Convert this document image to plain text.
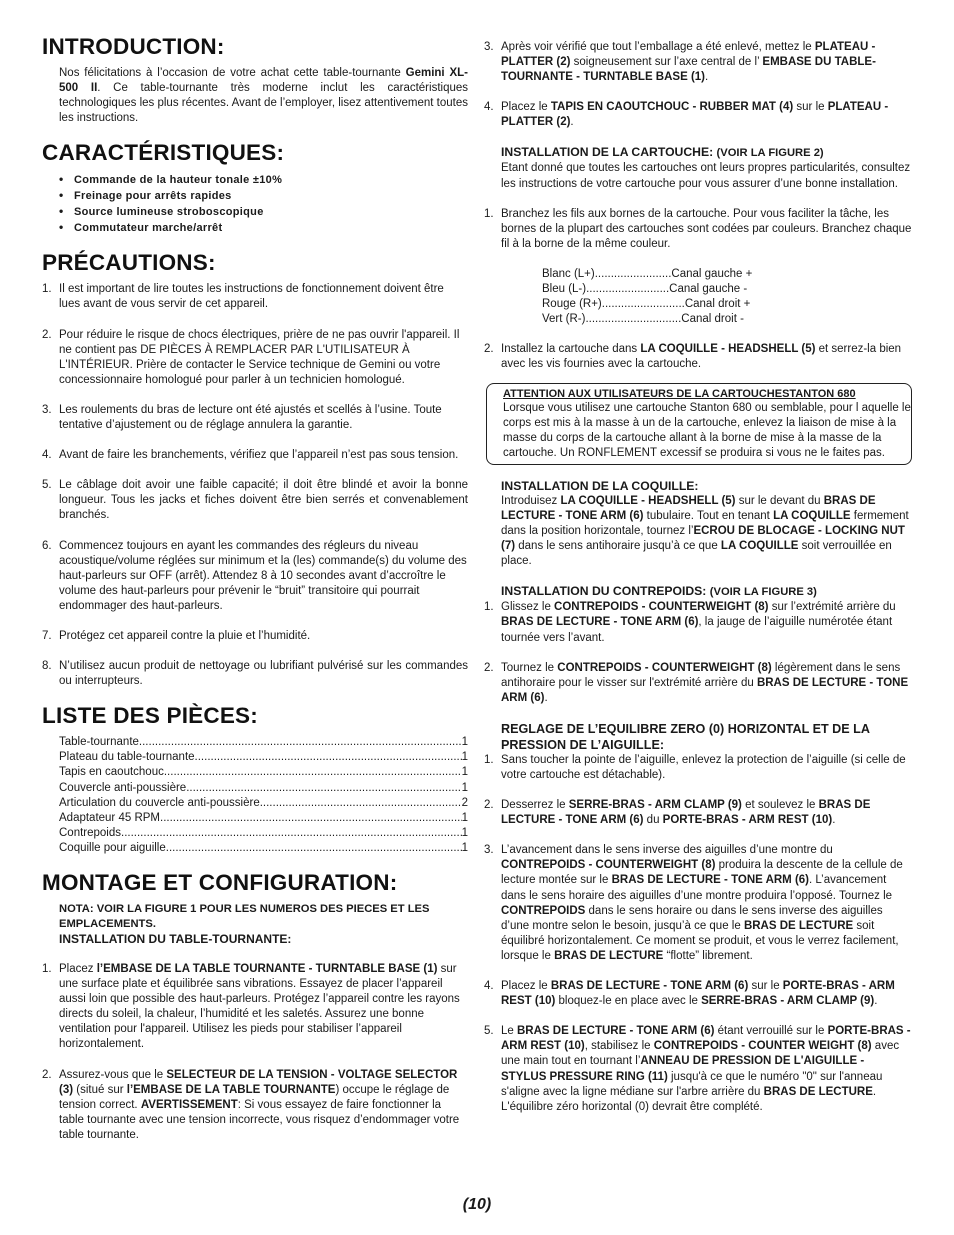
INTRODUCTION:

Nos félicitations à l’occasion de votre achat cette table-tournante Gemini XL-500 II. Ce table-tournante très moderne inclut les caractéristiques technologiques les plus récentes. Avant de l’employer, lisez attentivement toutes les instructions.

CARACTÉRISTIQUES:
• Commande de la hauteur tonale ±10%
• Freinage pour arrêts rapides
• Source lumineuse stroboscopique
• Commutateur marche/arrêt
PRÉCAUTIONS:
1. Il est important de lire toutes les instructions de fonctionnement doivent être lues avant de vous servir de cet appareil.
2. Pour réduire le risque de chocs électriques, prière de ne pas ouvrir l'appareil. Il ne contient pas DE PIÈCES À REMPLACER PAR L'UTILISATEUR À L'INTÉRIEUR. Prière de contacter le Service technique de Gemini ou votre concessionnaire homologué pour parler à un technicien homologué.
3. Les roulements du bras de lecture ont été ajustés et scellés à l’usine. Toute tentative d’ajustement ou de réglage annulera la garantie.
4. Avant de faire les branchements, vérifiez que l’appareil n’est pas sous tension.
5. Le câblage doit avoir une faible capacité; il doit être blindé et avoir la bonne longueur. Tous les jacks et fiches doivent être bien serrés et convenablement branchés.
6. Commencez toujours en ayant les commandes des régleurs du niveau acoustique/volume réglées sur minimum et la (les) commande(s) du volume des haut-parleurs sur OFF (arrêt). Attendez 8 à 10 secondes avant d’accroître le volume des haut-parleurs pour prévenir le “bruit” transitoire qui pourrait endommager des haut-parleurs.
7. Protégez cet appareil contre la pluie et l’humidité.
8. N’utilisez aucun produit de nettoyage ou lubrifiant pulvérisé sur les commandes ou interrupteurs.
LISTE DES PIÈCES:
Table-tournante .....	1
Plateau du table-tournante .....	1
Tapis en caoutchouc .....	1
Couvercle anti-poussière .....	1
Articulation du couvercle anti-poussière .....	2
Adaptateur 45 RPM .....	1
Contrepoids .....	1
Coquille pour aiguille .....	1
MONTAGE ET CONFIGURATION:

NOTA: VOIR LA FIGURE 1 POUR LES NUMEROS DES PIECES ET LES EMPLACEMENTS.

INSTALLATION DU TABLE-TOURNANTE:

1. Placez l’EMBASE DE LA TABLE TOURNANTE - TURNTABLE BASE (1) sur une surface plate et équilibrée sans vibrations. Essayez de placer l’appareil aussi loin que possible des haut-parleurs. Protégez l’appareil contre les rayons directs du soleil, la chaleur, l’humidité et les saletés. Assurez une bonne ventilation pour l'appareil. Utilisez les pieds pour stabiliser l’appareil horizontalement.
2. Assurez-vous que le SELECTEUR DE LA TENSION - VOLTAGE SELECTOR (3) (situé sur l’EMBASE DE LA TABLE TOURNANTE) occupe le réglage de tension correct. AVERTISSEMENT: Si vous essayez de faire fonctionner la table tournante avec une tension incorrecte, vous risquez d’endommager votre table tournante.
3. Après voir vérifié que tout l’emballage a été enlevé, mettez le PLATEAU - PLATTER (2) soigneusement sur l’axe central de l’ EMBASE DU TABLE-TOURNANTE - TURNTABLE BASE (1).
4. Placez le TAPIS EN CAOUTCHOUC - RUBBER MAT (4) sur le PLATEAU - PLATTER (2).

INSTALLATION DE LA CARTOUCHE: (VOIR LA FIGURE 2)

Etant donné que toutes les cartouches ont leurs propres particularités, consultez les instructions de votre cartouche pour vous assurer d’une bonne installation.

1. Branchez les fils aux bornes de la cartouche. Pour vous faciliter la tâche, les bornes de la plupart des cartouches sont codées par couleurs. Branchez chaque fil à la borne de la même couleur.
Blanc (L+)........................Canal gauche +
Bleu (L-)..........................Canal gauche -
Rouge (R+)..........................Canal droit +
Vert (R-)..............................Canal droit -
2. Installez la cartouche dans LA COQUILLE - HEADSHELL (5) et serrez-la bien avec les vis fournies avec la cartouche.
ATTENTION AUX UTILISATEURS DE LA CARTOUCHESTANTON 680
Lorsque vous utilisez une cartouche Stanton 680 ou semblable, pour l aquelle le corps est mis à la masse à un de la cartouche, enlevez la liaison de mise à la masse du corps de la cartouche allant à la borne de mise à la masse de la cartouche. Un RONFLEMENT excessif se produira si vous ne le faites pas.

INSTALLATION DE LA COQUILLE:

Introduisez LA COQUILLE - HEADSHELL (5) sur le devant du BRAS DE LECTURE - TONE ARM (6) tubulaire. Tout en tenant LA COQUILLE fermement dans la position horizontale, tournez l’ECROU DE BLOCAGE - LOCKING NUT (7) dans le sens antihoraire jusqu’à ce que LA COQUILLE soit verrouillée en place.

INSTALLATION DU CONTREPOIDS: (VOIR LA FIGURE 3)

1. Glissez le CONTREPOIDS - COUNTERWEIGHT (8) sur l’extrémité arrière du BRAS DE LECTURE - TONE ARM (6), la jauge de l’aiguille numérotée étant tournée vers l’avant.
2. Tournez le CONTREPOIDS - COUNTERWEIGHT (8) légèrement dans le sens antihoraire pour le visser sur l'extrémité arrière du BRAS DE LECTURE - TONE ARM (6).

REGLAGE DE L’EQUILIBRE ZERO (0) HORIZONTAL ET DE LA PRESSION DE L’AIGUILLE:

1. Sans toucher la pointe de l’aiguille, enlevez la protection de l’aiguille (si celle de votre cartouche est détachable).
2. Desserrez le SERRE-BRAS - ARM CLAMP (9) et soulevez le BRAS DE LECTURE - TONE ARM (6) du PORTE-BRAS - ARM REST (10).
3. L’avancement dans le sens inverse des aiguilles d’une montre du CONTREPOIDS - COUNTERWEIGHT (8) produira la descente de la cellule de lecture montée sur le BRAS DE LECTURE - TONE ARM (6). L’avancement dans le sens horaire des aiguilles d’une montre produira l’opposé. Tournez le CONTREPOIDS dans le sens horaire ou dans le sens inverse des aiguilles d’une montre selon le besoin, jusqu’à ce que le BRAS DE LECTURE soit équilibré horizontalement. Ce moment se produit, et vous le verrez facilement, lorsque le BRAS DE LECTURE “flotte” librement.
4. Placez le BRAS DE LECTURE - TONE ARM (6) sur le PORTE-BRAS - ARM REST (10) bloquez-le en place avec le SERRE-BRAS - ARM CLAMP (9).
5. Le BRAS DE LECTURE - TONE ARM (6) étant verrouillé sur le PORTE-BRAS - ARM REST (10), stabilisez le CONTREPOIDS - COUNTER WEIGHT (8) avec une main tout en tournant l’ANNEAU DE PRESSION DE L'AIGUILLE - STYLUS PRESSURE RING (11) jusqu'à ce que le numéro "0" sur l'anneau s'aligne avec la ligne médiane sur l'arbre arrière du BRAS DE LECTURE. L'équilibre zéro horizontal (0) devrait être complété.
(10)
